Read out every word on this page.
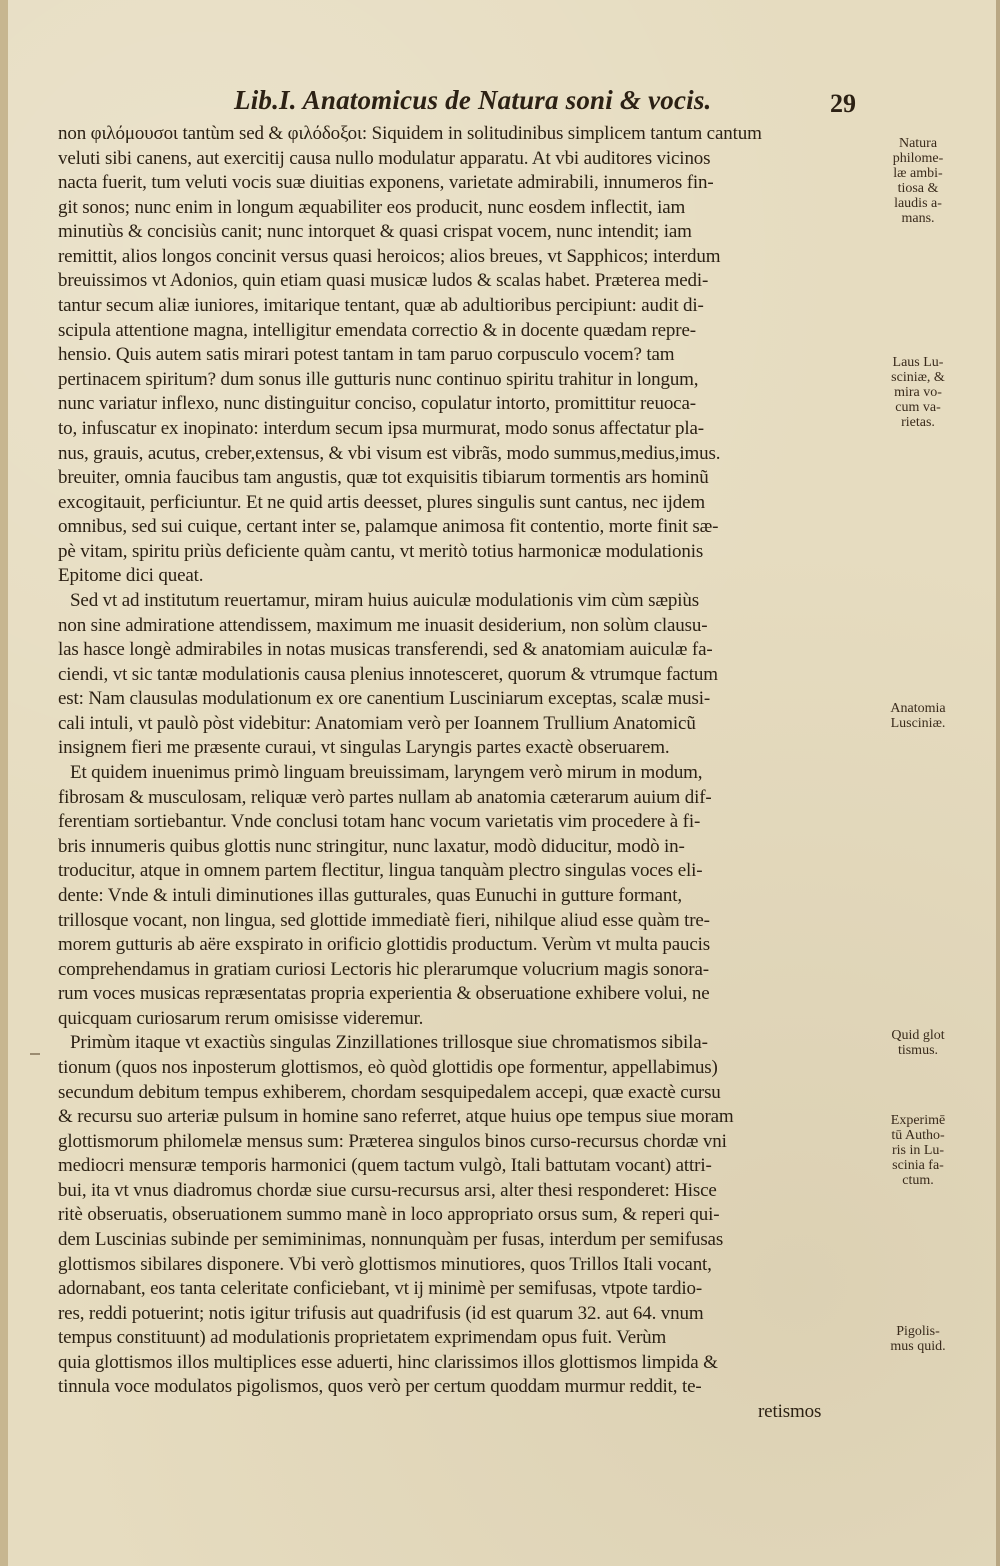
Lib.I. Anatomicus de Natura soni & vocis.	29
non φιλόμουσοι tantùm sed & φιλόδοξοι: Siquidem in solitudinibus simplicem tantum cantum
veluti sibi canens, aut exercitij causa nullo modulatur apparatu. At vbi auditores vicinos
nacta fuerit, tum veluti vocis suæ diuitias exponens, varietate admirabili, innumeros fin-
git sonos; nunc enim in longum æquabiliter eos producit, nunc eosdem inflectit, iam
minutiùs & concisiùs canit; nunc intorquet & quasi crispat vocem, nunc intendit; iam
remittit, alios longos concinit versus quasi heroicos; alios breues, vt Sapphicos; interdum
breuissimos vt Adonios, quin etiam quasi musicæ ludos & scalas habet. Præterea medi-
tantur secum aliæ iuniores, imitarique tentant, quæ ab adultioribus percipiunt: audit di-
scipula attentione magna, intelligitur emendata correctio & in docente quædam repre-
hensio. Quis autem satis mirari potest tantam in tam paruo corpusculo vocem? tam
pertinacem spiritum? dum sonus ille gutturis nunc continuo spiritu trahitur in longum,
nunc variatur inflexo, nunc distinguitur conciso, copulatur intorto, promittitur reuoca-
to, infuscatur ex inopinato: interdum secum ipsa murmurat, modo sonus affectatur pla-
nus, grauis, acutus, creber,extensus, & vbi visum est vibrãs, modo summus,medius,imus.
breuiter, omnia faucibus tam angustis, quæ tot exquisitis tibiarum tormentis ars hominũ
excogitauit, perficiuntur. Et ne quid artis deesset, plures singulis sunt cantus, nec ijdem
omnibus, sed sui cuique, certant inter se, palamque animosa fit contentio, morte finit sæ-
pè vitam, spiritu priùs deficiente quàm cantu, vt meritò totius harmonicæ modulationis
Epitome dici queat.
Sed vt ad institutum reuertamur, miram huius auiculæ modulationis vim cùm sæpiùs
non sine admiratione attendissem, maximum me inuasit desiderium, non solùm clausu-
las hasce longè admirabiles in notas musicas transferendi, sed & anatomiam auiculæ fa-
ciendi, vt sic tantæ modulationis causa plenius innotesceret, quorum & vtrumque factum
est: Nam clausulas modulationum ex ore canentium Lusciniarum exceptas, scalæ musi-
cali intuli, vt paulò pòst videbitur: Anatomiam verò per Ioannem Trullium Anatomicũ
insignem fieri me præsente curaui, vt singulas Laryngis partes exactè obseruarem.
Et quidem inuenimus primò linguam breuissimam, laryngem verò mirum in modum,
fibrosam & musculosam, reliquæ verò partes nullam ab anatomia cæterarum auium dif-
ferentiam sortiebantur. Vnde conclusi totam hanc vocum varietatis vim procedere à fi-
bris innumeris quibus glottis nunc stringitur, nunc laxatur, modò diducitur, modò in-
troducitur, atque in omnem partem flectitur, lingua tanquàm plectro singulas voces eli-
dente: Vnde & intuli diminutiones illas gutturales, quas Eunuchi in gutture formant,
trillosque vocant, non lingua, sed glottide immediatè fieri, nihilque aliud esse quàm tre-
morem gutturis ab aëre exspirato in orificio glottidis productum. Verùm vt multa paucis
comprehendamus in gratiam curiosi Lectoris hic plerarumque volucrium magis sonora-
rum voces musicas repræsentatas propria experientia & obseruatione exhibere volui, ne
quicquam curiosarum rerum omisisse videremur.
Primùm itaque vt exactiùs singulas Zinzillationes trillosque siue chromatismos sibila-
tionum (quos nos inposterum glottismos, eò quòd glottidis ope formentur, appellabimus)
secundum debitum tempus exhiberem, chordam sesquipedalem accepi, quæ exactè cursu
& recursu suo arteriæ pulsum in homine sano referret, atque huius ope tempus siue moram
glottismorum philomelæ mensus sum: Præterea singulos binos curso-recursus chordæ vni
mediocri mensuræ temporis harmonici (quem tactum vulgò, Itali battutam vocant) attri-
bui, ita vt vnus diadromus chordæ siue cursu-recursus arsi, alter thesi responderet: Hisce
ritè obseruatis, obseruationem summo manè in loco appropriato orsus sum, & reperi qui-
dem Luscinias subinde per semiminimas, nonnunquàm per fusas, interdum per semifusas
glottismos sibilares disponere. Vbi verò glottismos minutiores, quos Trillos Itali vocant,
adornabant, eos tanta celeritate conficiebant, vt ij minimè per semifusas, vtpote tardio-
res, reddi potuerint; notis igitur trifusis aut quadrifusis (id est quarum 32. aut 64. vnum
tempus constituunt) ad modulationis proprietatem exprimendam opus fuit. Verùm
quia glottismos illos multiplices esse aduerti, hinc clarissimos illos glottismos limpida &
tinnula voce modulatos pigolismos, quos verò per certum quoddam murmur reddit, te-
retismos
Natura
philome-
læ ambi-
tiosa &
laudis a-
mans.
Laus Lu-
sciniæ, &
mira vo-
cum va-
rietas.
Anatomia
Lusciniæ.
Quid glot
tismus.
Experimē
tū Autho-
ris in Lu-
scinia fa-
ctum.
Pigolis-
mus quid.
